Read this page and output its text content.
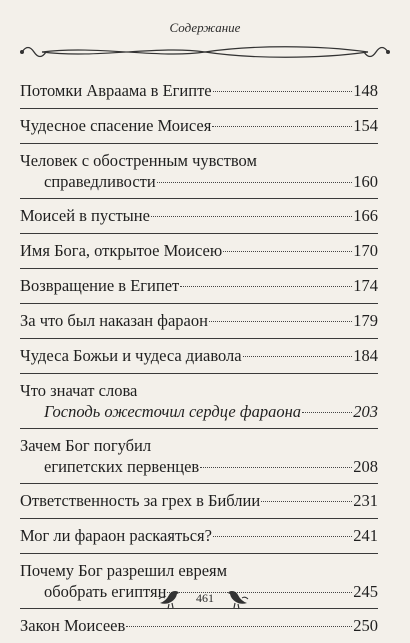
Содержание
Потомки Авраама в Египте	148
Чудесное спасение Моисея	154
Человек с обостренным чувством
справедливости	160
Моисей в пустыне	166
Имя Бога, открытое Моисею	170
Возвращение в Египет	174
За что был наказан фараон	179
Чудеса Божьи и чудеса диавола	184
Что значат слова
Господь ожесточил сердце фараона	203
Зачем Бог погубил
египетских первенцев	208
Ответственность за грех в Библии	231
Мог ли фараон раскаяться?	241
Почему Бог разрешил евреям
обобрать египтян	245
Закон Моисеев	250
461
